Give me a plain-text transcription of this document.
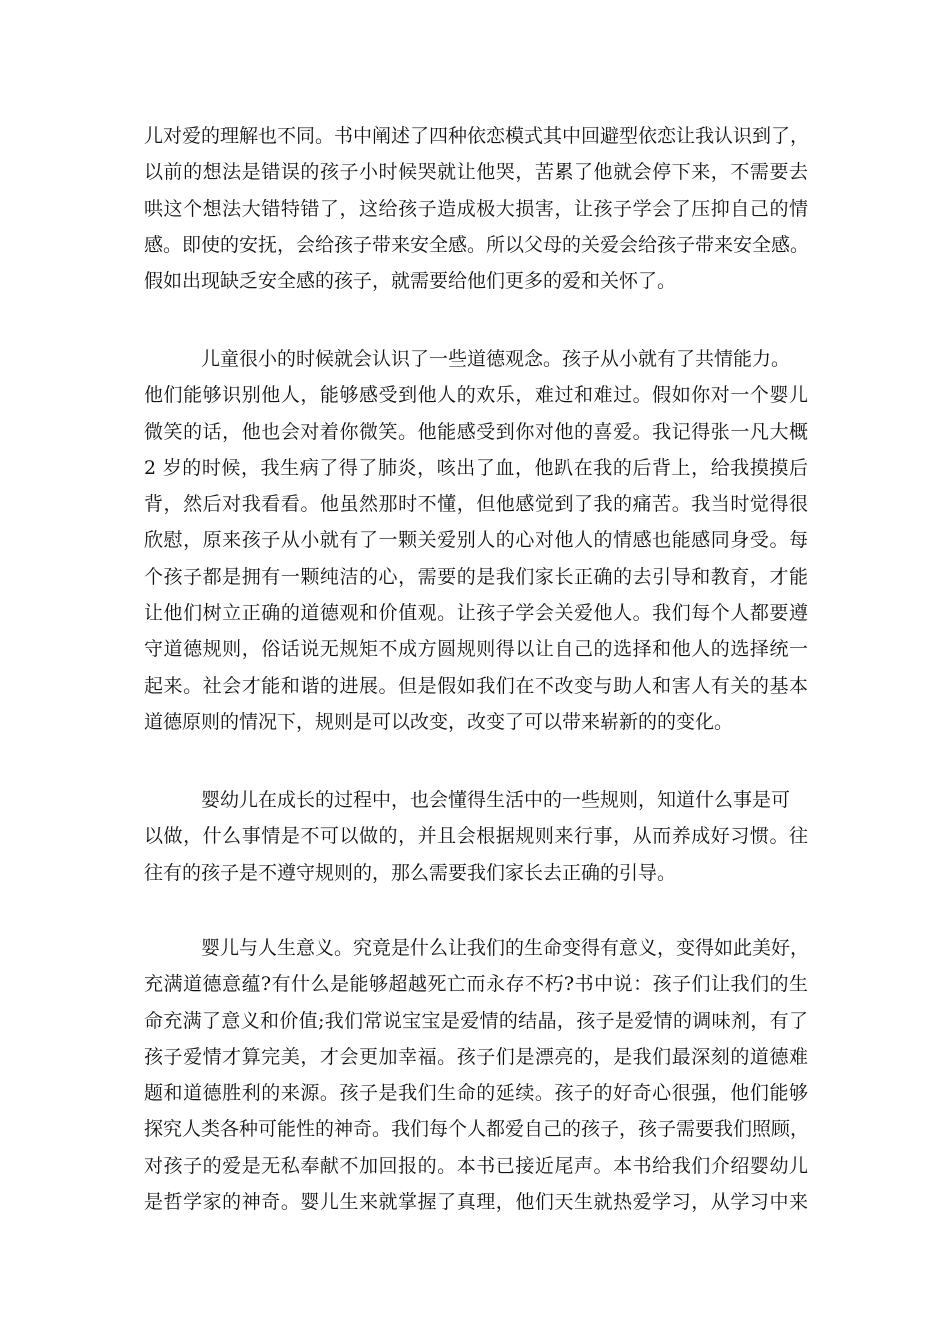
儿对爱的理解也不同。书中阐述了四种依恋模式其中回避型依恋让我认识到了，
以前的想法是错误的孩子小时候哭就让他哭，苦累了他就会停下来，不需要去
哄这个想法大错特错了，这给孩子造成极大损害，让孩子学会了压抑自己的情
感。即使的安抚，会给孩子带来安全感。所以父母的关爱会给孩子带来安全感。
假如出现缺乏安全感的孩子，就需要给他们更多的爱和关怀了。
儿童很小的时候就会认识了一些道德观念。孩子从小就有了共情能力。
他们能够识别他人，能够感受到他人的欢乐，难过和难过。假如你对一个婴儿
微笑的话，他也会对着你微笑。他能感受到你对他的喜爱。我记得张一凡大概
2 岁的时候，我生病了得了肺炎，咳出了血，他趴在我的后背上，给我摸摸后
背，然后对我看看。他虽然那时不懂，但他感觉到了我的痛苦。我当时觉得很
欣慰，原来孩子从小就有了一颗关爱别人的心对他人的情感也能感同身受。每
个孩子都是拥有一颗纯洁的心，需要的是我们家长正确的去引导和教育，才能
让他们树立正确的道德观和价值观。让孩子学会关爱他人。我们每个人都要遵
守道德规则，俗话说无规矩不成方圆规则得以让自己的选择和他人的选择统一
起来。社会才能和谐的进展。但是假如我们在不改变与助人和害人有关的基本
道德原则的情况下，规则是可以改变，改变了可以带来崭新的的变化。
婴幼儿在成长的过程中，也会懂得生活中的一些规则，知道什么事是可
以做，什么事情是不可以做的，并且会根据规则来行事，从而养成好习惯。往
往有的孩子是不遵守规则的，那么需要我们家长去正确的引导。
婴儿与人生意义。究竟是什么让我们的生命变得有意义，变得如此美好，
充满道德意蕴?有什么是能够超越死亡而永存不朽?书中说：孩子们让我们的生
命充满了意义和价值;我们常说宝宝是爱情的结晶，孩子是爱情的调味剂，有了
孩子爱情才算完美，才会更加幸福。孩子们是漂亮的，是我们最深刻的道德难
题和道德胜利的来源。孩子是我们生命的延续。孩子的好奇心很强，他们能够
探究人类各种可能性的神奇。我们每个人都爱自己的孩子，孩子需要我们照顾，
对孩子的爱是无私奉献不加回报的。本书已接近尾声。本书给我们介绍婴幼儿
是哲学家的神奇。婴儿生来就掌握了真理，他们天生就热爱学习，从学习中来
